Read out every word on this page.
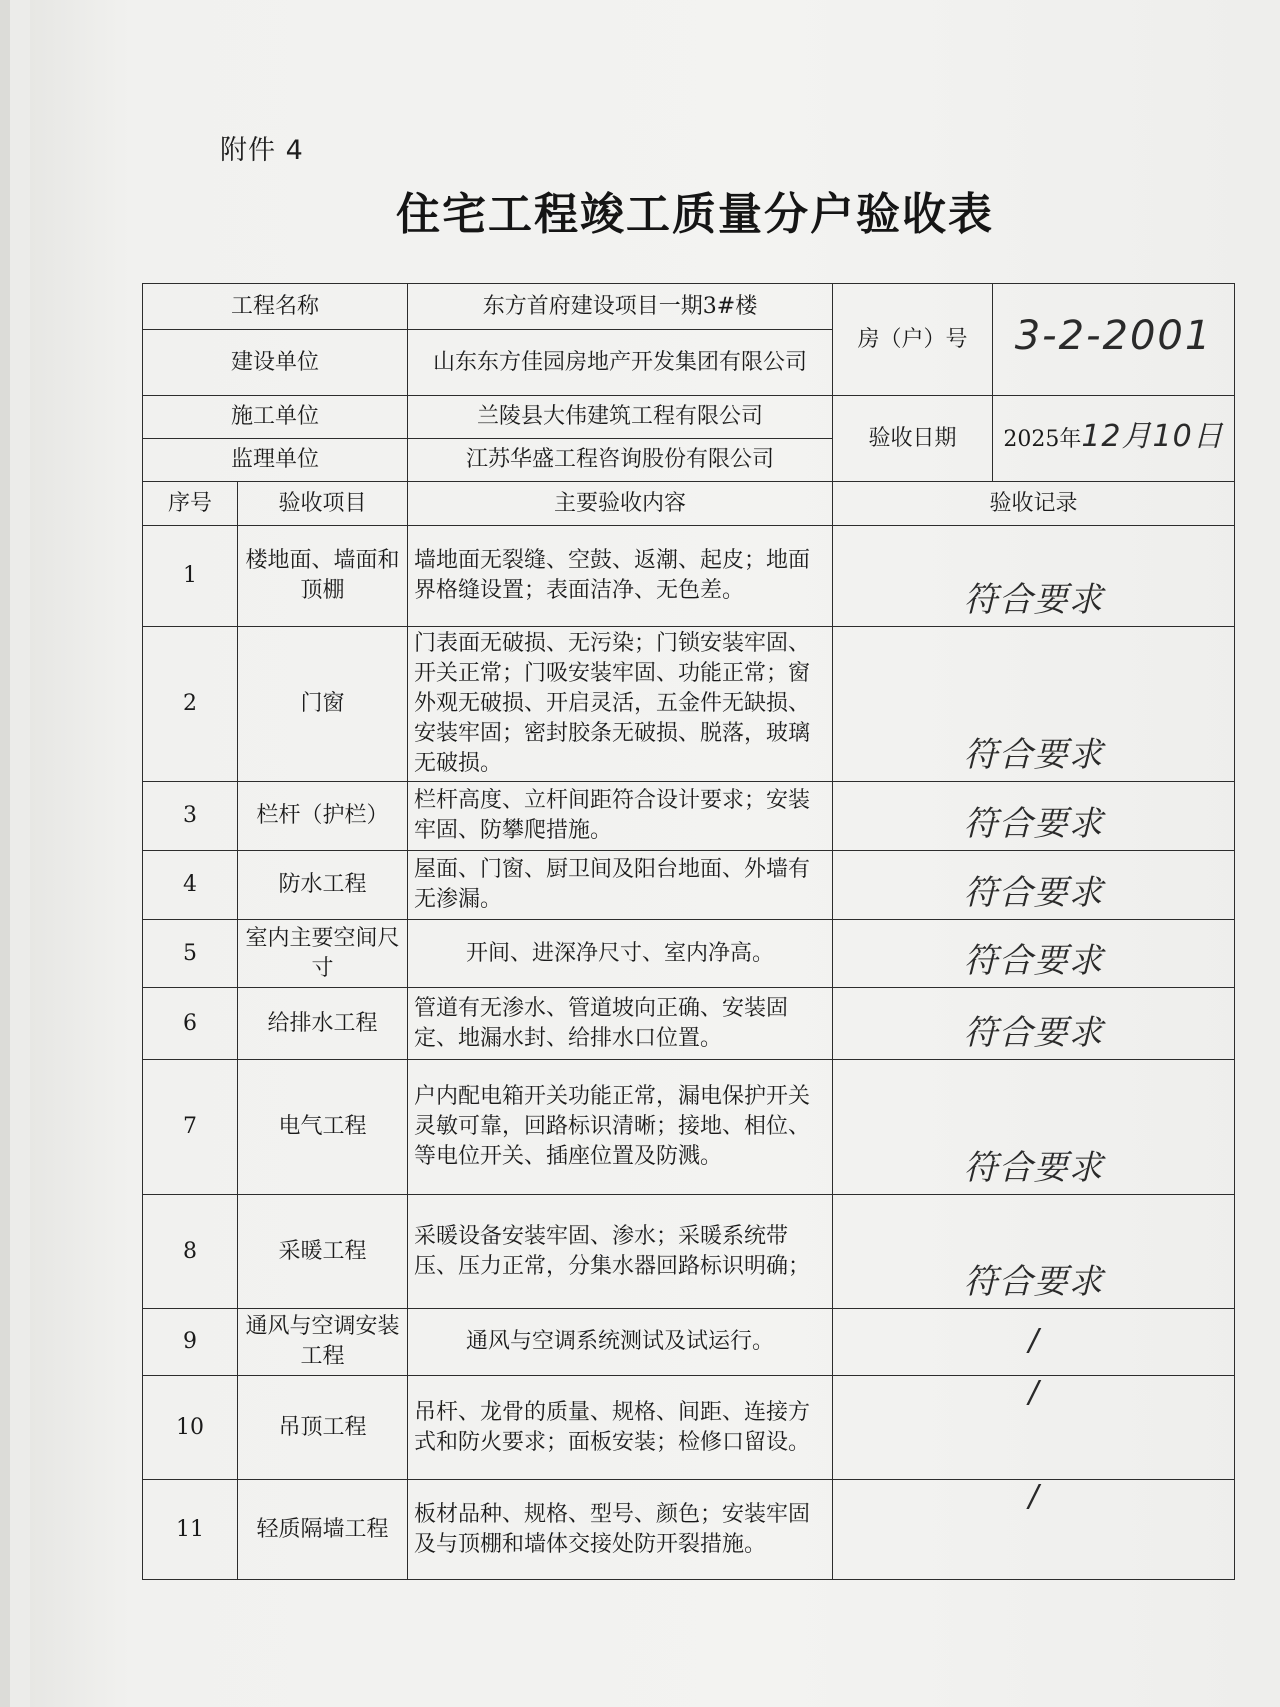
附件 4
住宅工程竣工质量分户验收表
工程名称		东方首府建设项目一期3#楼	房（户）号	3-2-2001
建设单位		山东东方佳园房地产开发集团有限公司		
施工单位		兰陵县大伟建筑工程有限公司	验收日期	2025年12月10日
监理单位		江苏华盛工程咨询股份有限公司		
序号	验收项目	主要验收内容	验收记录	
1	楼地面、墙面和顶棚	墙地面无裂缝、空鼓、返潮、起皮；地面界格缝设置；表面洁净、无色差。	符合要求	
2	门窗	门表面无破损、无污染；门锁安装牢固、开关正常；门吸安装牢固、功能正常；窗外观无破损、开启灵活，五金件无缺损、 安装牢固；密封胶条无破损、脱落，玻璃无破损。	符合要求	
3	栏杆（护栏）	栏杆高度、立杆间距符合设计要求；安装牢固、防攀爬措施。	符合要求	
4	防水工程	屋面、门窗、厨卫间及阳台地面、外墙有无渗漏。	符合要求	
5	室内主要空间尺寸	开间、进深净尺寸、室内净高。	符合要求	
6	给排水工程	管道有无渗水、管道坡向正确、安装固定、地漏水封、给排水口位置。	符合要求	
7	电气工程	户内配电箱开关功能正常，漏电保护开关灵敏可靠，回路标识清晰；接地、相位、等电位开关、插座位置及防溅。	符合要求	
8	采暖工程	采暖设备安装牢固、渗水；采暖系统带压、压力正常，分集水器回路标识明确；	符合要求	
9	通风与空调安装工程	通风与空调系统测试及试运行。	/	
10	吊顶工程	吊杆、龙骨的质量、规格、间距、连接方式和防火要求；面板安装；检修口留设。	/	
11	轻质隔墙工程	板材品种、规格、型号、颜色；安装牢固及与顶棚和墙体交接处防开裂措施。	/	
